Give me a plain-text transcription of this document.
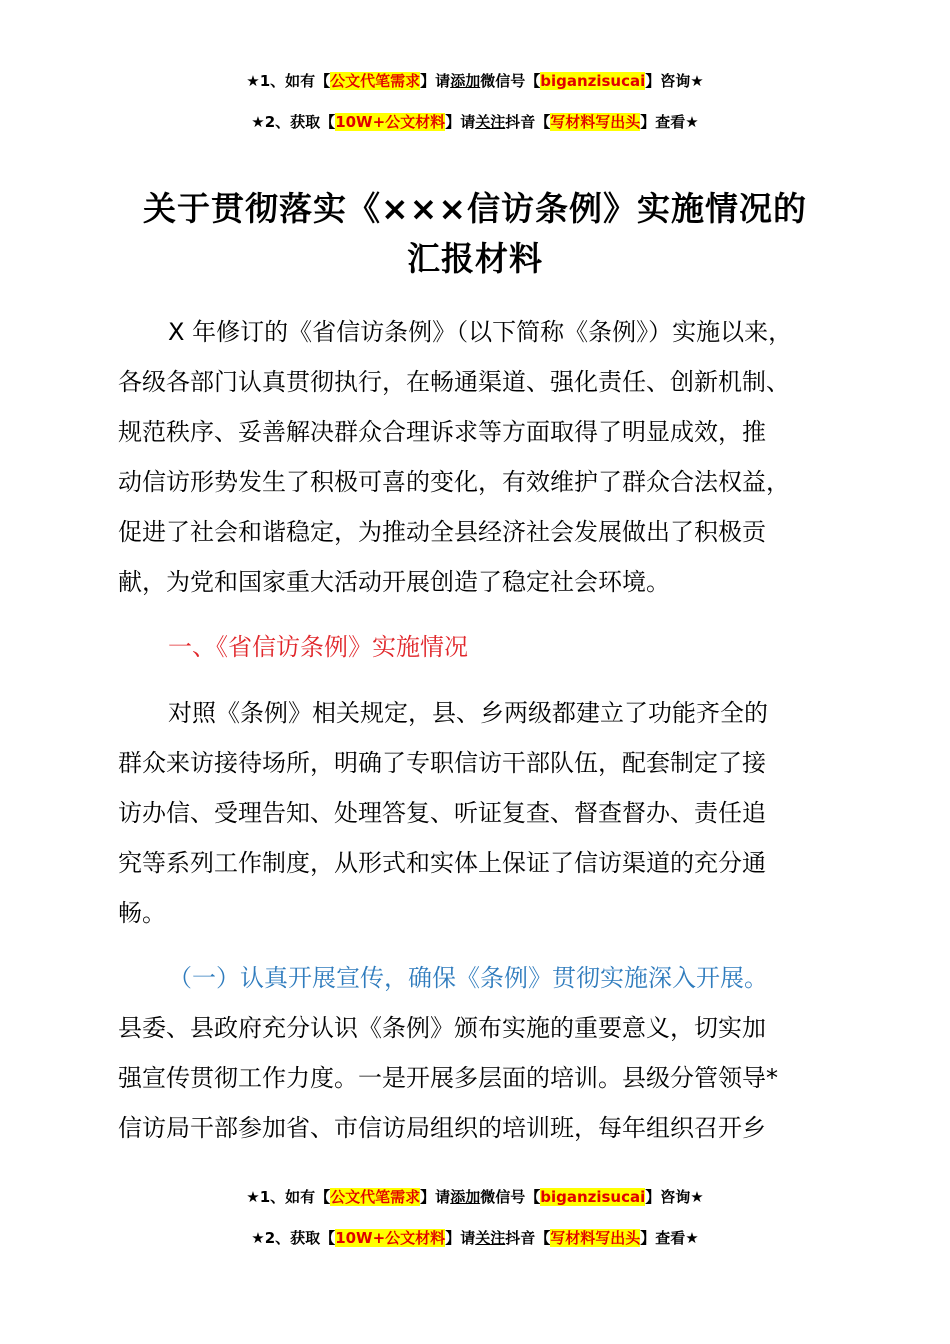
★1、如有【公文代笔需求】请添加微信号【biganzisucai】咨询★
★2、获取【10W+公文材料】请关注抖音【写材料写出头】查看★
关于贯彻落实《×××信访条例》实施情况的
汇报材料
X 年修订的《省信访条例》（以下简称《条例》）实施以来，
各级各部门认真贯彻执行，在畅通渠道、强化责任、创新机制、
规范秩序、妥善解决群众合理诉求等方面取得了明显成效，推
动信访形势发生了积极可喜的变化，有效维护了群众合法权益，
促进了社会和谐稳定，为推动全县经济社会发展做出了积极贡
献，为党和国家重大活动开展创造了稳定社会环境。
一、《省信访条例》实施情况
对照《条例》相关规定，县、乡两级都建立了功能齐全的
群众来访接待场所，明确了专职信访干部队伍，配套制定了接
访办信、受理告知、处理答复、听证复查、督查督办、责任追
究等系列工作制度，从形式和实体上保证了信访渠道的充分通
畅。
（一）认真开展宣传，确保《条例》贯彻实施深入开展。
县委、县政府充分认识《条例》颁布实施的重要意义，切实加
强宣传贯彻工作力度。一是开展多层面的培训。县级分管领导*
信访局干部参加省、市信访局组织的培训班，每年组织召开乡
★1、如有【公文代笔需求】请添加微信号【biganzisucai】咨询★
★2、获取【10W+公文材料】请关注抖音【写材料写出头】查看★
